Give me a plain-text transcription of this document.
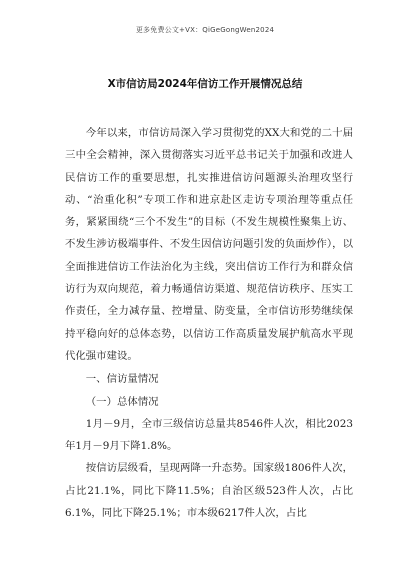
更多免费公文+VX：QiGeGongWen2024
X市信访局2024年信访工作开展情况总结

今年以来，市信访局深入学习贯彻党的XX大和党的二十届三中全会精神，深入贯彻落实习近平总书记关于加强和改进人民信访工作的重要思想，扎实推进信访问题源头治理攻坚行动、“治重化积”专项工作和进京赴区走访专项治理等重点任务，紧紧围绕“三个不发生”的目标（不发生规模性聚集上访、不发生涉访极端事件、不发生因信访问题引发的负面炒作），以全面推进信访工作法治化为主线，突出信访工作行为和群众信访行为双向规范，着力畅通信访渠道、规范信访秩序、压实工作责任，全力减存量、控增量、防变量，全市信访形势继续保持平稳向好的总体态势，以信访工作高质量发展护航高水平现代化强市建设。

一、信访量情况

（一）总体情况

1月－9月，全市三级信访总量共8546件人次，相比2023年1月－9月下降1.8%。

按信访层级看，呈现两降一升态势。国家级1806件人次，占比21.1%，同比下降11.5%；自治区级523件人次，占比6.1%，同比下降25.1%；市本级6217件人次，占比
